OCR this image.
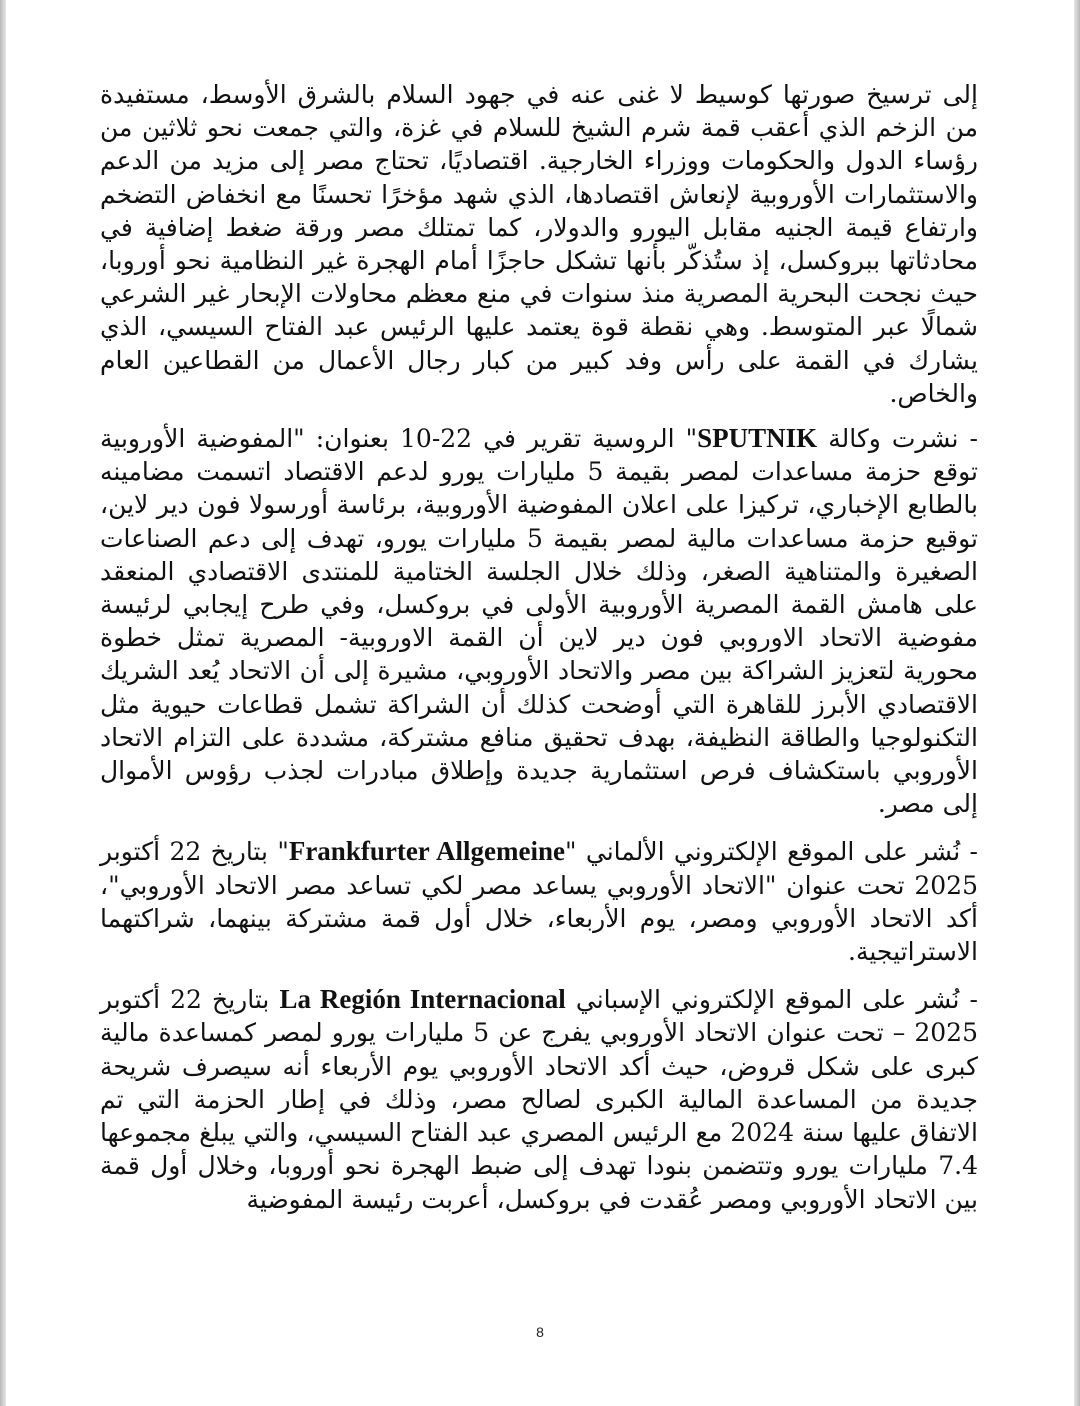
إلى ترسيخ صورتها كوسيط لا غنى عنه في جهود السلام بالشرق الأوسط، مستفيدة من الزخم الذي أعقب قمة شرم الشيخ للسلام في غزة، والتي جمعت نحو ثلاثين من رؤساء الدول والحكومات ووزراء الخارجية. اقتصاديًا، تحتاج مصر إلى مزيد من الدعم والاستثمارات الأوروبية لإنعاش اقتصادها، الذي شهد مؤخرًا تحسنًا مع انخفاض التضخم وارتفاع قيمة الجنيه مقابل اليورو والدولار، كما تمتلك مصر ورقة ضغط إضافية في محادثاتها ببروكسل، إذ ستُذكّر بأنها تشكل حاجزًا أمام الهجرة غير النظامية نحو أوروبا، حيث نجحت البحرية المصرية منذ سنوات في منع معظم محاولات الإبحار غير الشرعي شمالًا عبر المتوسط. وهي نقطة قوة يعتمد عليها الرئيس عبد الفتاح السيسي، الذي يشارك في القمة على رأس وفد كبير من كبار رجال الأعمال من القطاعين العام والخاص.

- نشرت وكالة SPUTNIK" الروسية تقرير في 22-10 بعنوان: "المفوضية الأوروبية توقع حزمة مساعدات لمصر بقيمة 5 مليارات يورو لدعم الاقتصاد اتسمت مضامينه بالطابع الإخباري، تركيزا على اعلان المفوضية الأوروبية، برئاسة أورسولا فون دير لاين، توقيع حزمة مساعدات مالية لمصر بقيمة 5 مليارات يورو، تهدف إلى دعم الصناعات الصغيرة والمتناهية الصغر، وذلك خلال الجلسة الختامية للمنتدى الاقتصادي المنعقد على هامش القمة المصرية الأوروبية الأولى في بروكسل، وفي طرح إيجابي لرئيسة مفوضية الاتحاد الاوروبي فون دير لاين أن القمة الاوروبية- المصرية تمثل خطوة محورية لتعزيز الشراكة بين مصر والاتحاد الأوروبي، مشيرة إلى أن الاتحاد يُعد الشريك الاقتصادي الأبرز للقاهرة التي أوضحت كذلك أن الشراكة تشمل قطاعات حيوية مثل التكنولوجيا والطاقة النظيفة، بهدف تحقيق منافع مشتركة، مشددة على التزام الاتحاد الأوروبي باستكشاف فرص استثمارية جديدة وإطلاق مبادرات لجذب رؤوس الأموال إلى مصر.

- نُشر على الموقع الإلكتروني الألماني "Frankfurter Allgemeine" بتاريخ 22 أكتوبر 2025 تحت عنوان "الاتحاد الأوروبي يساعد مصر لكي تساعد مصر الاتحاد الأوروبي"، أكد الاتحاد الأوروبي ومصر، يوم الأربعاء، خلال أول قمة مشتركة بينهما، شراكتهما الاستراتيجية.

- نُشر على الموقع الإلكتروني الإسباني La Región Internacional بتاريخ 22 أكتوبر 2025 – تحت عنوان الاتحاد الأوروبي يفرج عن 5 مليارات يورو لمصر كمساعدة مالية كبرى على شكل قروض، حيث أكد الاتحاد الأوروبي يوم الأربعاء أنه سيصرف شريحة جديدة من المساعدة المالية الكبرى لصالح مصر، وذلك في إطار الحزمة التي تم الاتفاق عليها سنة 2024 مع الرئيس المصري عبد الفتاح السيسي، والتي يبلغ مجموعها 7.4 مليارات يورو وتتضمن بنودا تهدف إلى ضبط الهجرة نحو أوروبا، وخلال أول قمة بين الاتحاد الأوروبي ومصر عُقدت في بروكسل، أعربت رئيسة المفوضية

8
